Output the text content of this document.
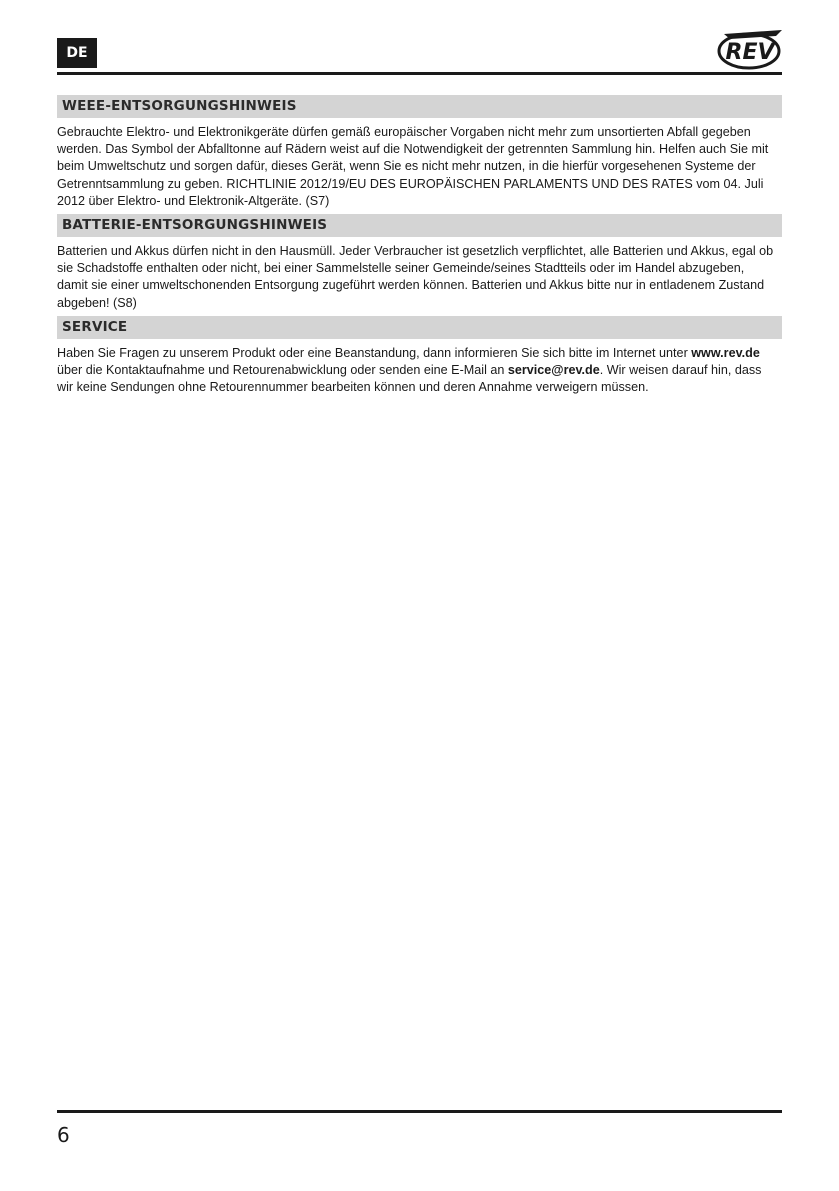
DE	REV
WEEE-ENTSORGUNGSHINWEIS

Gebrauchte Elektro- und Elektronikgeräte dürfen gemäß europäischer Vorgaben nicht mehr zum unsortierten Abfall gegeben werden. Das Symbol der Abfalltonne auf Rädern weist auf die Notwendigkeit der getrennten Sammlung hin. Helfen auch Sie mit beim Umweltschutz und sorgen dafür, dieses Gerät, wenn Sie es nicht mehr nutzen, in die hierfür vorgesehenen Systeme der Getrenntsammlung zu geben. RICHTLINIE 2012/19/EU DES EUROPÄISCHEN PARLAMENTS UND DES RATES vom 04. Juli 2012 über Elektro- und Elektronik-Altgeräte. (S7)

BATTERIE-ENTSORGUNGSHINWEIS

Batterien und Akkus dürfen nicht in den Hausmüll. Jeder Verbraucher ist gesetzlich verpflichtet, alle Batterien und Akkus, egal ob sie Schadstoffe enthalten oder nicht, bei einer Sammelstelle seiner Gemeinde/seines Stadtteils oder im Handel abzugeben, damit sie einer umweltschonenden Entsorgung zugeführt werden können. Batterien und Akkus bitte nur in entladenem Zustand abgeben! (S8)

SERVICE

Haben Sie Fragen zu unserem Produkt oder eine Beanstandung, dann informieren Sie sich bitte im Internet unter www.rev.de über die Kontaktaufnahme und Retourenabwicklung oder senden eine E-Mail an service@rev.de. Wir weisen darauf hin, dass wir keine Sendungen ohne Retourennummer bearbeiten können und deren Annahme verweigern müssen.

6
